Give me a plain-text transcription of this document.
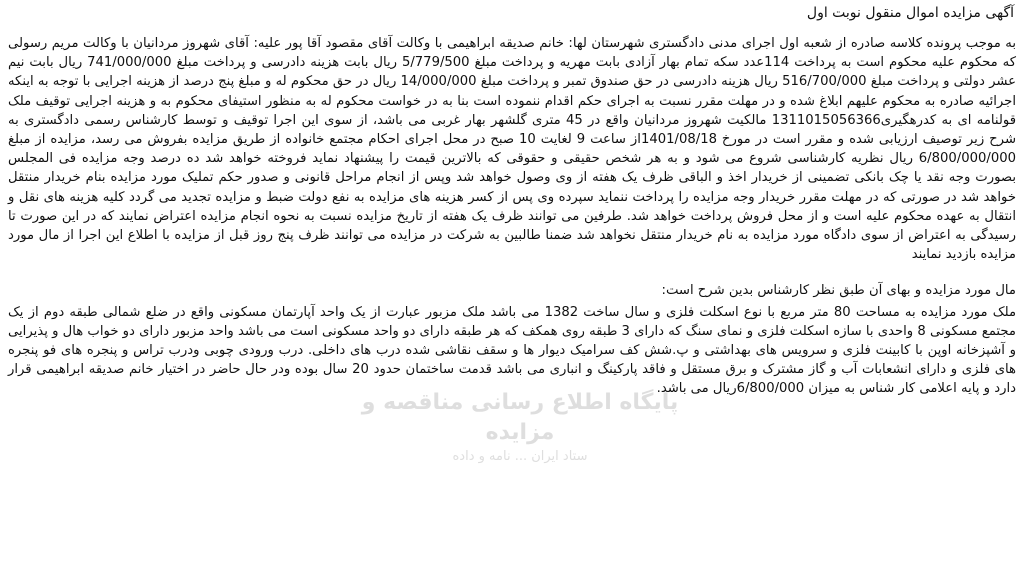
آگهی مزایده اموال منقول نوبت اول

به موجب پرونده کلاسه صادره از شعبه اول اجرای مدنی دادگستری شهرستان لها: خانم صدیقه ابراهیمی با وکالت آقای مقصود آقا پور علیه: آقای شهروز مردانیان با وکالت مریم رسولی که محکوم علیه محکوم است به پرداخت 114عدد سکه تمام بهار آزادی بابت مهریه و پرداخت مبلغ 5/779/500 ریال بابت هزینه دادرسی و پرداخت مبلغ 741/000/000 ریال بابت نیم عشر دولتی و پرداخت مبلغ 516/700/000 ریال هزینه دادرسی در حق صندوق تمبر و پرداخت مبلغ 14/000/000 ریال در حق محکوم له و مبلغ پنج درصد از هزینه اجرایی با توجه به اینکه اجرائیه صادره به محکوم علیهم ابلاغ شده و در مهلت مقرر نسبت به اجرای حکم اقدام ننموده است بنا به در خواست محکوم له به منظور استیفای محکوم به و هزینه اجرایی توقیف ملک قولنامه ای به کدرهگیری1311015056366 مالکیت شهروز مردانیان واقع در 45 متری گلشهر بهار غربی می باشد، از سوی این اجرا توقیف و توسط کارشناس رسمی دادگستری به شرح زیر توصیف ارزیابی شده و مقرر است در مورخ 1401/08/18از ساعت 9 لغایت 10 صبح در محل اجرای احکام مجتمع خانواده از طریق مزایده بفروش می رسد، مزایده از مبلغ 6/800/000/000 ریال نظریه کارشناسی شروع می شود و به هر شخص حقیقی و حقوقی که بالاترین قیمت را پیشنهاد نماید فروخته خواهد شد ده درصد وجه مزایده فی المجلس بصورت وجه نقد یا چک بانکی تضمینی از خریدار اخذ و الباقی ظرف یک هفته از وی وصول خواهد شد وپس از انجام مراحل قانونی و صدور حکم تملیک مورد مزایده بنام خریدار منتقل خواهد شد در صورتی که در مهلت مقرر خریدار وجه مزایده را پرداخت ننماید سپرده وی پس از کسر هزینه های مزایده به نفع دولت ضبط و مزایده تجدید می گردد کلیه هزینه های نقل و انتقال به عهده محکوم علیه است و از محل فروش پرداخت خواهد شد. طرفین می توانند ظرف یک هفته از تاریخ مزایده نسبت به نحوه انجام مزایده اعتراض نمایند که در این صورت تا رسیدگی به اعتراض از سوی دادگاه مورد مزایده به نام خریدار منتقل نخواهد شد ضمنا طالبین به شرکت در مزایده می توانند ظرف پنج روز قبل از مزایده با اطلاع این اجرا از مال مورد مزایده بازدید نمایند

مال مورد مزایده و بهای آن طبق نظر کارشناس بدین شرح است:

ملک مورد مزایده به مساحت 80 متر مربع با نوع اسکلت فلزی و سال ساخت 1382 می باشد ملک مزبور عبارت از یک واحد آپارتمان مسکونی واقع در ضلع شمالی طبقه دوم از یک مجتمع مسکونی 8 واحدی با سازه اسکلت فلزی و نمای سنگ که دارای 3 طبقه روی همکف که هر طبقه دارای دو واحد مسکونی است می باشد واحد مزبور دارای دو خواب هال و پذیرایی و آشپزخانه اوپن با کابینت فلزی و سرویس های بهداشتی و پ.شش کف سرامیک دیوار ها و سقف نقاشی شده درب های داخلی. درب ورودی چوبی ودرب تراس و پنجره های فو پنجره های فلزی و دارای انشعابات آب و گاز مشترک و برق مستقل و فاقد پارکینگ و انباری می باشد قدمت ساختمان حدود 20 سال بوده ودر حال حاضر در اختیار خانم صدیقه ابراهیمی قرار دارد و پایه اعلامی کار شناس به میزان 6/800/000ریال می باشد.

پایگاه اطلاع رسانی مناقصه و مزایده
ستاد ایران ... نامه و داده
